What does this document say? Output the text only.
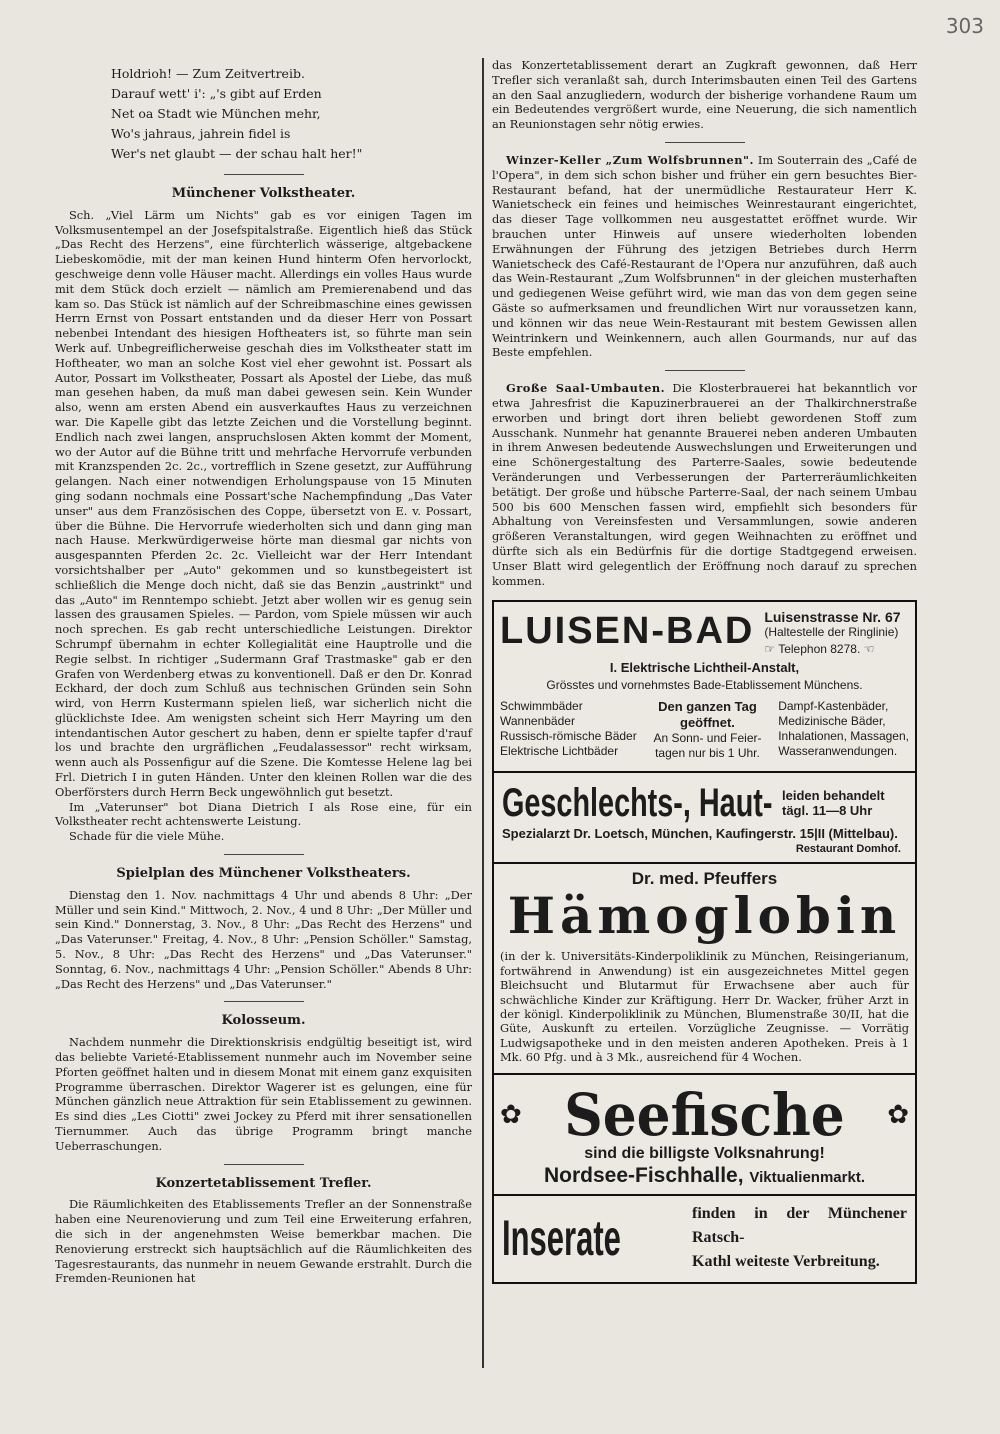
303
Holdrioh! — Zum Zeitvertreib.
Darauf wett' i': „'s gibt auf Erden
Net oa Stadt wie München mehr,
Wo's jahraus, jahrein fidel is
Wer's net glaubt — der schau halt her!"
Münchener Volkstheater.

Sch. „Viel Lärm um Nichts" gab es vor einigen Tagen im Volksmusentempel an der Josefspitalstraße. Eigentlich hieß das Stück „Das Recht des Herzens", eine fürchterlich wässerige, altgebackene Liebeskomödie, mit der man keinen Hund hinterm Ofen hervorlockt, geschweige denn volle Häuser macht. Allerdings ein volles Haus wurde mit dem Stück doch erzielt — nämlich am Premierenabend und das kam so. Das Stück ist nämlich auf der Schreibmaschine eines gewissen Herrn Ernst von Possart entstanden und da dieser Herr von Possart nebenbei Intendant des hiesigen Hoftheaters ist, so führte man sein Werk auf. Unbegreiflicherweise geschah dies im Volkstheater statt im Hoftheater, wo man an solche Kost viel eher gewohnt ist. Possart als Autor, Possart im Volkstheater, Possart als Apostel der Liebe, das muß man gesehen haben, da muß man dabei gewesen sein. Kein Wunder also, wenn am ersten Abend ein ausverkauftes Haus zu verzeichnen war. Die Kapelle gibt das letzte Zeichen und die Vorstellung beginnt. Endlich nach zwei langen, anspruchslosen Akten kommt der Moment, wo der Autor auf die Bühne tritt und mehrfache Hervorrufe verbunden mit Kranzspenden 2c. 2c., vortrefflich in Szene gesetzt, zur Aufführung gelangen. Nach einer notwendigen Erholungspause von 15 Minuten ging sodann nochmals eine Possart'sche Nachempfindung „Das Vater unser" aus dem Französischen des Coppe, übersetzt von E. v. Possart, über die Bühne. Die Hervorrufe wiederholten sich und dann ging man nach Hause. Merkwürdigerweise hörte man diesmal gar nichts von ausgespannten Pferden 2c. 2c. Vielleicht war der Herr Intendant vorsichtshalber per „Auto" gekommen und so kunstbegeistert ist schließlich die Menge doch nicht, daß sie das Benzin „austrinkt" und das „Auto" im Renntempo schiebt. Jetzt aber wollen wir es genug sein lassen des grausamen Spieles. — Pardon, vom Spiele müssen wir auch noch sprechen. Es gab recht unterschiedliche Leistungen. Direktor Schrumpf übernahm in echter Kollegialität eine Hauptrolle und die Regie selbst. In richtiger „Sudermann Graf Trastmaske" gab er den Grafen von Werdenberg etwas zu konventionell. Daß er den Dr. Konrad Eckhard, der doch zum Schluß aus technischen Gründen sein Sohn wird, von Herrn Kustermann spielen ließ, war sicherlich nicht die glücklichste Idee. Am wenigsten scheint sich Herr Mayring um den intendantischen Autor geschert zu haben, denn er spielte tapfer d'rauf los und brachte den urgräflichen „Feudalassessor" recht wirksam, wenn auch als Possenfigur auf die Szene. Die Komtesse Helene lag bei Frl. Dietrich I in guten Händen. Unter den kleinen Rollen war die des Oberförsters durch Herrn Beck ungewöhnlich gut besetzt.

Im „Vaterunser" bot Diana Dietrich I als Rose eine, für ein Volkstheater recht achtenswerte Leistung.

Schade für die viele Mühe.

Spielplan des Münchener Volkstheaters.

Dienstag den 1. Nov. nachmittags 4 Uhr und abends 8 Uhr: „Der Müller und sein Kind." Mittwoch, 2. Nov., 4 und 8 Uhr: „Der Müller und sein Kind." Donnerstag, 3. Nov., 8 Uhr: „Das Recht des Herzens" und „Das Vaterunser." Freitag, 4. Nov., 8 Uhr: „Pension Schöller." Samstag, 5. Nov., 8 Uhr: „Das Recht des Herzens" und „Das Vaterunser." Sonntag, 6. Nov., nachmittags 4 Uhr: „Pension Schöller." Abends 8 Uhr: „Das Recht des Herzens" und „Das Vaterunser."

Kolosseum.

Nachdem nunmehr die Direktionskrisis endgültig beseitigt ist, wird das beliebte Varieté-Etablissement nunmehr auch im November seine Pforten geöffnet halten und in diesem Monat mit einem ganz exquisiten Programme überraschen. Direktor Wagerer ist es gelungen, eine für München gänzlich neue Attraktion für sein Etablissement zu gewinnen. Es sind dies „Les Ciotti" zwei Jockey zu Pferd mit ihrer sensationellen Tiernummer. Auch das übrige Programm bringt manche Ueberraschungen.

Konzertetablissement Trefler.

Die Räumlichkeiten des Etablissements Trefler an der Sonnenstraße haben eine Neurenovierung und zum Teil eine Erweiterung erfahren, die sich in der angenehmsten Weise bemerkbar machen. Die Renovierung erstreckt sich hauptsächlich auf die Räumlichkeiten des Tagesrestaurants, das nunmehr in neuem Gewande erstrahlt. Durch die Fremden-Reunionen hat

das Konzertetablissement derart an Zugkraft gewonnen, daß Herr Trefler sich veranlaßt sah, durch Interimsbauten einen Teil des Gartens an den Saal anzugliedern, wodurch der bisherige vorhandene Raum um ein Bedeutendes vergrößert wurde, eine Neuerung, die sich namentlich an Reunionstagen sehr nötig erwies.

Winzer-Keller „Zum Wolfsbrunnen". Im Souterrain des „Café de l'Opera", in dem sich schon bisher und früher ein gern besuchtes Bier-Restaurant befand, hat der unermüdliche Restaurateur Herr K. Wanietscheck ein feines und heimisches Weinrestaurant eingerichtet, das dieser Tage vollkommen neu ausgestattet eröffnet wurde. Wir brauchen unter Hinweis auf unsere wiederholten lobenden Erwähnungen der Führung des jetzigen Betriebes durch Herrn Wanietscheck des Café-Restaurant de l'Opera nur anzuführen, daß auch das Wein-Restaurant „Zum Wolfsbrunnen" in der gleichen musterhaften und gediegenen Weise geführt wird, wie man das von dem gegen seine Gäste so aufmerksamen und freundlichen Wirt nur voraussetzen kann, und können wir das neue Wein-Restaurant mit bestem Gewissen allen Weintrinkern und Weinkennern, auch allen Gourmands, nur auf das Beste empfehlen.

Große Saal-Umbauten. Die Klosterbrauerei hat bekanntlich vor etwa Jahresfrist die Kapuzinerbrauerei an der Thalkirchnerstraße erworben und bringt dort ihren beliebt gewordenen Stoff zum Ausschank. Nunmehr hat genannte Brauerei neben anderen Umbauten in ihrem Anwesen bedeutende Auswechslungen und Erweiterungen und eine Schönergestaltung des Parterre-Saales, sowie bedeutende Veränderungen und Verbesserungen der Parterreräumlichkeiten betätigt. Der große und hübsche Parterre-Saal, der nach seinem Umbau 500 bis 600 Menschen fassen wird, empfiehlt sich besonders für Abhaltung von Vereinsfesten und Versammlungen, sowie anderen größeren Veranstaltungen, wird gegen Weihnachten zu eröffnet und dürfte sich als ein Bedürfnis für die dortige Stadtgegend erweisen. Unser Blatt wird gelegentlich der Eröffnung noch darauf zu sprechen kommen.

LUISEN-BAD Luisenstrasse Nr. 67
(Haltestelle der Ringlinie)
☞ Telephon 8278. ☜
I. Elektrische Lichtheil-Anstalt,
Grösstes und vornehmstes Bade-Etablissement Münchens.
Schwimmbäder
Wannenbäder
Russisch-römische Bäder
Elektrische Lichtbäder
Den ganzen Tag
geöffnet.
An Sonn- und Feier-
tagen nur bis 1 Uhr.
Dampf-Kastenbäder,
Medizinische Bäder,
Inhalationen, Massagen,
Wasseranwendungen.
Geschlechts-, Haut- leiden behandelt
tägl. 11—8 Uhr
Spezialarzt Dr. Loetsch, München, Kaufingerstr. 15|II (Mittelbau).
Restaurant Domhof.
Dr. med. Pfeuffers
Hämoglobin
(in der k. Universitäts-Kinderpoliklinik zu München, Reisingerianum, fortwährend in Anwendung) ist ein ausgezeichnetes Mittel gegen Bleichsucht und Blutarmut für Erwachsene aber auch für schwächliche Kinder zur Kräftigung. Herr Dr. Wacker, früher Arzt in der königl. Kinderpoliklinik zu München, Blumenstraße 30/II, hat die Güte, Auskunft zu erteilen. Vorzügliche Zeugnisse. — Vorrätig Ludwigsapotheke und in den meisten anderen Apotheken. Preis à 1 Mk. 60 Pfg. und à 3 Mk., ausreichend für 4 Wochen.
✿ Seefische ✿
sind die billigste Volksnahrung!
Nordsee-Fischhalle, Viktualienmarkt.
Inserate	finden in der Münchener Ratsch-
Kathl weiteste Verbreitung.
